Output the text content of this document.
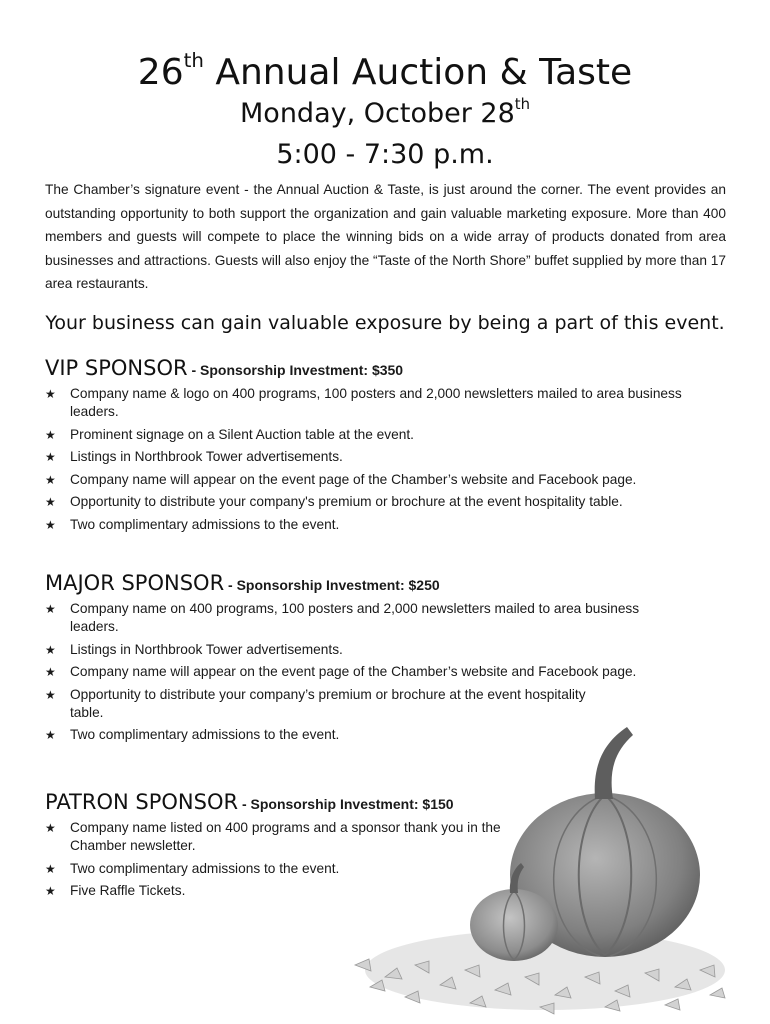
26th Annual Auction & Taste
Monday, October 28th
5:00 - 7:30 p.m.

The Chamber’s signature event - the Annual Auction & Taste, is just around the corner. The event provides an outstanding opportunity to both support the organization and gain valuable marketing exposure. More than 400 members and guests will compete to place the winning bids on a wide array of products donated from area businesses and attractions. Guests will also enjoy the “Taste of the North Shore” buffet supplied by more than 17 area restaurants.

Your business can gain valuable exposure by being a part of this event.
VIP SPONSOR - Sponsorship Investment: $350
★ Company name & logo on 400 programs, 100 posters and 2,000 newsletters mailed to area business leaders.
★ Prominent signage on a Silent Auction table at the event.
★ Listings in Northbrook Tower advertisements.
★ Company name will appear on the event page of the Chamber’s website and Facebook page.
★ Opportunity to distribute your company's premium or brochure at the event hospitality table.
★ Two complimentary admissions to the event.
MAJOR SPONSOR - Sponsorship Investment: $250
★ Company name on 400 programs, 100 posters and 2,000 newsletters mailed to area business leaders.
★ Listings in Northbrook Tower advertisements.
★ Company name will appear on the event page of the Chamber’s website and Facebook page.
★ Opportunity to distribute your company’s premium or brochure at the event hospitality table.
★ Two complimentary admissions to the event.
PATRON SPONSOR - Sponsorship Investment: $150
★ Company name listed on 400 programs and a sponsor thank you in the Chamber newsletter.
★ Two complimentary admissions to the event.
★ Five Raffle Tickets.
